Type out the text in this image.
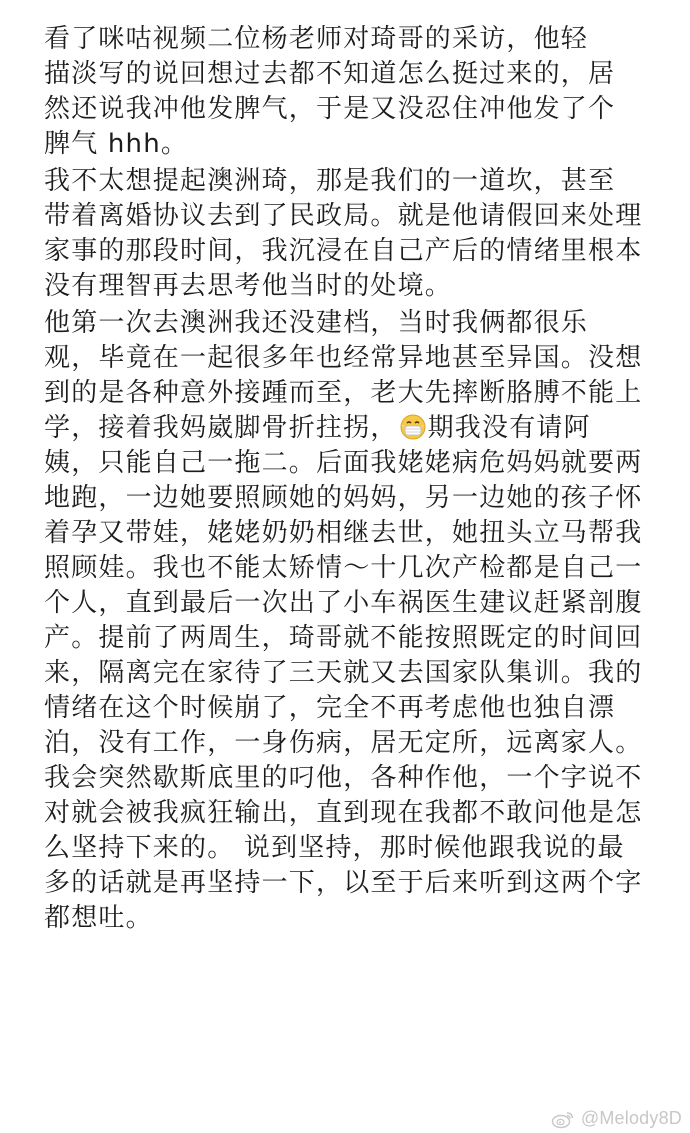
看了咪咕视频二位杨老师对琦哥的采访，他轻
描淡写的说回想过去都不知道怎么挺过来的，居
然还说我冲他发脾气，于是又没忍住冲他发了个
脾气 hhh。
我不太想提起澳洲琦，那是我们的一道坎，甚至
带着离婚协议去到了民政局。就是他请假回来处理
家事的那段时间，我沉浸在自己产后的情绪里根本
没有理智再去思考他当时的处境。
他第一次去澳洲我还没建档，当时我俩都很乐
观，毕竟在一起很多年也经常异地甚至异国。没想
到的是各种意外接踵而至，老大先摔断胳膊不能上
学，接着我妈崴脚骨折拄拐， 期我没有请阿
姨，只能自己一拖二。后面我姥姥病危妈妈就要两
地跑，一边她要照顾她的妈妈，另一边她的孩子怀
着孕又带娃，姥姥奶奶相继去世，她扭头立马帮我
照顾娃。我也不能太矫情～十几次产检都是自己一
个人，直到最后一次出了小车祸医生建议赶紧剖腹
产。提前了两周生，琦哥就不能按照既定的时间回
来，隔离完在家待了三天就又去国家队集训。我的
情绪在这个时候崩了，完全不再考虑他也独自漂
泊，没有工作，一身伤病，居无定所，远离家人。
我会突然歇斯底里的叼他，各种作他，一个字说不
对就会被我疯狂输出，直到现在我都不敢问他是怎
么坚持下来的。 说到坚持，那时候他跟我说的最
多的话就是再坚持一下，以至于后来听到这两个字
都想吐。
@Melody8D
